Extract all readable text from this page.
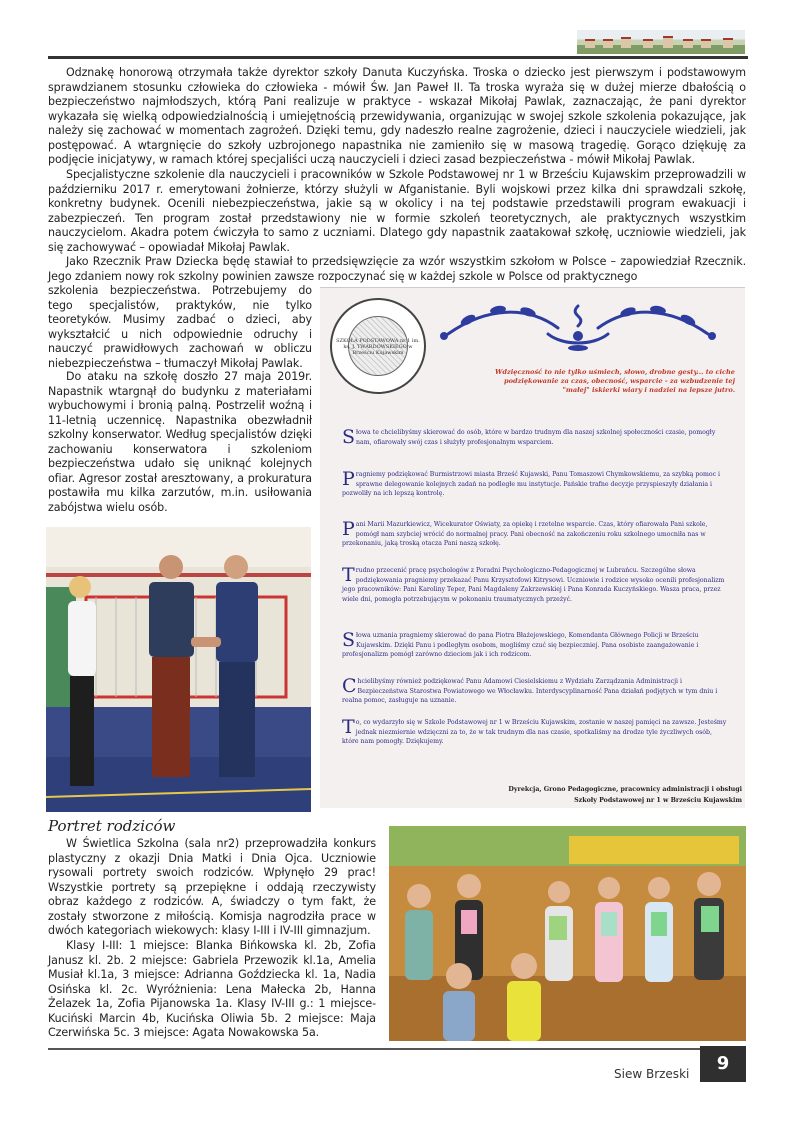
Odznakę honorową otrzymała także dyrektor szkoły Danuta Kuczyńska. Troska o dziecko jest pierwszym i podstawowym sprawdzianem stosunku człowieka do człowieka - mówił Św. Jan Paweł II. Ta troska wyraża się w dużej mierze dbałością o bezpieczeństwo najmłodszych, którą Pani realizuje w praktyce - wskazał Mikołaj Pawlak, zaznaczając, że pani dyrektor wykazała się wielką odpowiedzialnością i umiejętnością przewidywania, organizując w swojej szkole szkolenia pokazujące, jak należy się zachować w momentach zagrożeń. Dzięki temu, gdy nadeszło realne zagrożenie, dzieci i nauczyciele wiedzieli, jak postępować. A wtargnięcie do szkoły uzbrojonego napastnika nie zamieniło się w masową tragedię. Gorąco dziękuję za podjęcie inicjatywy, w ramach której specjaliści uczą nauczycieli i dzieci zasad bezpieczeństwa - mówił Mikołaj Pawlak.

Specjalistyczne szkolenie dla nauczycieli i pracowników w Szkole Podstawowej nr 1 w Brześciu Kujawskim przeprowadzili w październiku 2017 r. emerytowani żołnierze, którzy służyli w Afganistanie. Byli wojskowi przez kilka dni sprawdzali szkołę, konkretny budynek. Ocenili niebezpieczeństwa, jakie są w okolicy i na tej podstawie przedstawili program ewakuacji i zabezpieczeń. Ten program został przedstawiony nie w formie szkoleń teoretycznych, ale praktycznych wszystkim nauczycielom. Akadra potem ćwiczyła to samo z uczniami. Dlatego gdy napastnik zaatakował szkołę, uczniowie wiedzieli, jak się zachowywać – opowiadał Mikołaj Pawlak.

Jako Rzecznik Praw Dziecka będę stawiał to przedsięwzięcie za wzór wszystkim szkołom w Polsce – zapowiedział Rzecznik. Jego zdaniem nowy rok szkolny powinien zawsze rozpoczynać się w każdej szkole w Polsce od praktycznego

szkolenia bezpieczeństwa. Potrzebujemy do tego specjalistów, praktyków, nie tylko teoretyków. Musimy zadbać o dzieci, aby wykształcić u nich odpowiednie odruchy i nauczyć prawidłowych zachowań w obliczu niebezpieczeństwa – tłumaczył Mikołaj Pawlak.

Do ataku na szkołę doszło 27 maja 2019r. Napastnik wtargnął do budynku z materiałami wybuchowymi i bronią palną. Postrzelił woźną i 11-letnią uczennicę. Napastnika obezwładnił szkolny konserwator. Według specjalistów dzięki zachowaniu konserwatora i szkoleniom bezpieczeństwa udało się uniknąć kolejnych ofiar. Agresor został aresztowany, a prokuratura postawiła mu kilka zarzutów, m.in. usiłowania zabójstwa wielu osób.

SZKOŁA PODSTAWOWA nr 1 im. ks. J. TWARDOWSKIEGO w Brześciu Kujawskim
Wdzięczność to nie tylko uśmiech, słowo, drobne gesty... to ciche podziękowanie za czas, obecność, wsparcie - za wzbudzenie tej "małej" iskierki wiary i nadziei na lepsze jutro.
Słowa te chcielibyśmy skierować do osób, które w bardzo trudnym dla naszej szkolnej społeczności czasie, pomogły nam, ofiarowały swój czas i służyły profesjonalnym wsparciem.
Pragniemy podziękować Burmistrzowi miasta Brześć Kujawski, Panu Tomaszowi Chymkowskiemu, za szybką pomoc i sprawne delegowanie kolejnych zadań na podległe mu instytucje. Pańskie trafne decyzje przyspieszyły działania i pozwoliły na ich lepszą kontrolę.
Pani Marii Mazurkiewicz, Wicekurator Oświaty, za opiekę i rzetelne wsparcie. Czas, który ofiarowała Pani szkole, pomógł nam szybciej wrócić do normalnej pracy. Pani obecność na zakończeniu roku szkolnego umocniła nas w przekonaniu, jaką troską otacza Pani naszą szkołę.
Trudno przecenić pracę psychologów z Poradni Psychologiczno-Pedagogicznej w Lubrańcu. Szczególne słowa podziękowania pragniemy przekazać Panu Krzysztofowi Kitrysowi. Uczniowie i rodzice wysoko ocenili profesjonalizm jego pracowników: Pani Karoliny Teper, Pani Magdaleny Zakrzewskiej i Pana Konrada Kuczyńskiego. Wasza praca, przez wiele dni, pomogła potrzebującym w pokonaniu traumatycznych przeżyć.
Słowa uznania pragniemy skierować do pana Piotra Błażejewskiego, Komendanta Głównego Policji w Brześciu Kujawskim. Dzięki Panu i podległym osobom, mogliśmy czuć się bezpieczniej. Pana osobiste zaangażowanie i profesjonalizm pomógł zarówno dzieciom jak i ich rodzicom.
Chcielibyśmy również podziękować Panu Adamowi Ciesielskiemu z Wydziału Zarządzania Administracji i Bezpieczeństwa Starostwa Powiatowego we Włocławku. Interdyscyplinarność Pana działań podjętych w tym dniu i realna pomoc, zasługuje na uznanie.
To, co wydarzyło się w Szkole Podstawowej nr 1 w Brześciu Kujawskim, zostanie w naszej pamięci na zawsze. Jesteśmy jednak niezmiernie wdzięczni za to, że w tak trudnym dla nas czasie, spotkaliśmy na drodze tyle życzliwych osób, które nam pomogły. Dziękujemy.
Dyrekcja, Grono Pedagogiczne, pracownicy administracji i obsługi
Szkoły Podstawowej nr 1 w Brześciu Kujawskim
Portret rodziców

W Świetlica Szkolna (sala nr2) przeprowadziła konkurs plastyczny z okazji Dnia Matki i Dnia Ojca. Uczniowie rysowali portrety swoich rodziców. Wpłynęło 29 prac! Wszystkie portrety są przepiękne i oddają rzeczywisty obraz każdego z rodziców. A, świadczy o tym fakt, że zostały stworzone z miłością. Komisja nagrodziła prace w dwóch kategoriach wiekowych: klasy I-III i IV-III gimnazjum.

Klasy I-III: 1 miejsce: Blanka Bińkowska kl. 2b, Zofia Janusz kl. 2b. 2 miejsce: Gabriela Przewozik kl.1a, Amelia Musiał kl.1a, 3 miejsce: Adrianna Goździecka kl. 1a, Nadia Osińska kl. 2c. Wyróżnienia: Lena Małecka 2b, Hanna Żelazek 1a, Zofia Pijanowska 1a. Klasy IV-III g.: 1 miejsce-Kuciński Marcin 4b, Kucińska Oliwia 5b. 2 miejsce: Maja Czerwińska 5c. 3 miejsce: Agata Nowakowska 5a.

Siew Brzeski	9
